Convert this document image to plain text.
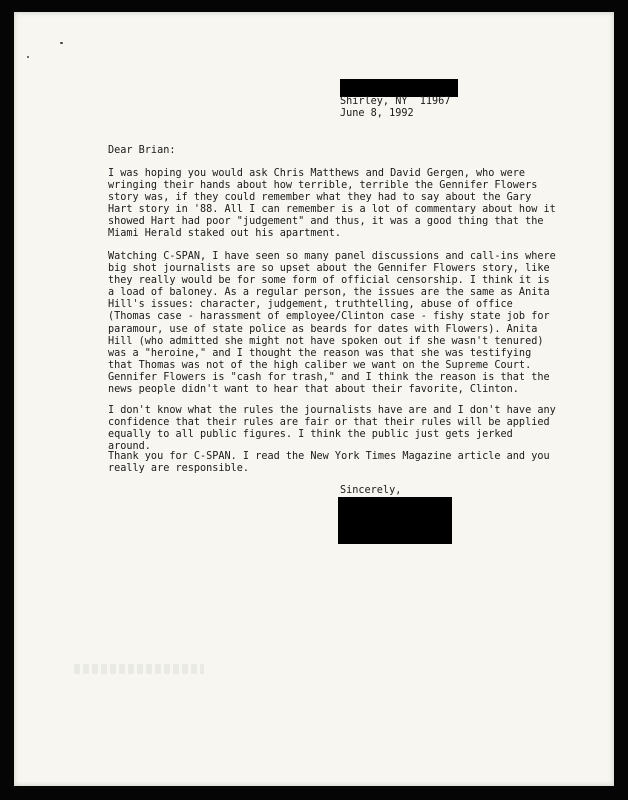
Shirley, NY  11967

June 8, 1992

Dear Brian:

I was hoping you would ask Chris Matthews and David Gergen, who were wringing their hands about how terrible, terrible the Gennifer Flowers story was, if they could remember what they had to say about the Gary Hart story in '88. All I can remember is a lot of commentary about how it showed Hart had poor "judgement" and thus, it was a good thing that the Miami Herald staked out his apartment.

Watching C-SPAN, I have seen so many panel discussions and call-ins where big shot journalists are so upset about the Gennifer Flowers story, like they really would be for some form of official censorship. I think it is a load of baloney. As a regular person, the issues are the same as Anita Hill's issues: character, judgement, truthtelling, abuse of office (Thomas case - harassment of employee/Clinton case - fishy state job for paramour, use of state police as beards for dates with Flowers). Anita Hill (who admitted she might not have spoken out if she wasn't tenured) was a "heroine," and I thought the reason was that she was testifying that Thomas was not of the high caliber we want on the Supreme Court. Gennifer Flowers is "cash for trash," and I think the reason is that the news people didn't want to hear that about their favorite, Clinton.

I don't know what the rules the journalists have are and I don't have any confidence that their rules are fair or that their rules will be applied equally to all public figures. I think the public just gets jerked around.

Thank you for C-SPAN. I read the New York Times Magazine article and you really are responsible.

Sincerely,
